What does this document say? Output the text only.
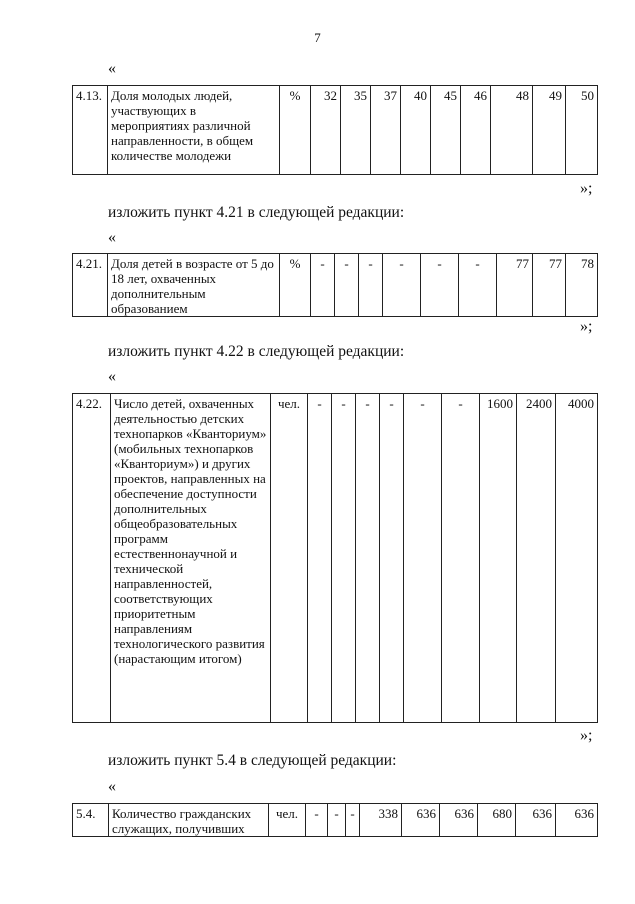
7
«
4.13.	Доля молодых людей, участвующих в мероприятиях различной направленности, в общем количестве молодежи	%	32	35	37	40	45	46	48	49	50
»;
изложить пункт 4.21 в следующей редакции:
«
4.21.	Доля детей в возрасте от 5 до 18 лет, охваченных дополнительным образованием	%	-	-	-	-	-	-	77	77	78
»;
изложить пункт 4.22 в следующей редакции:
«
4.22.	Число детей, охваченных деятельностью детских технопарков «Кванториум» (мобильных технопарков «Кванториум») и других проектов, направленных на обеспечение доступности дополнительных общеобразовательных программ естественнонаучной и технической направленностей, соответствующих приоритетным направлениям технологического развития (нарастающим итогом)	чел.	-	-	-	-	-	-	1600	2400	4000
»;
изложить пункт 5.4 в следующей редакции:
«
5.4.	Количество гражданских служащих, получивших	чел.	-	-	-	338	636	636	680	636	636
